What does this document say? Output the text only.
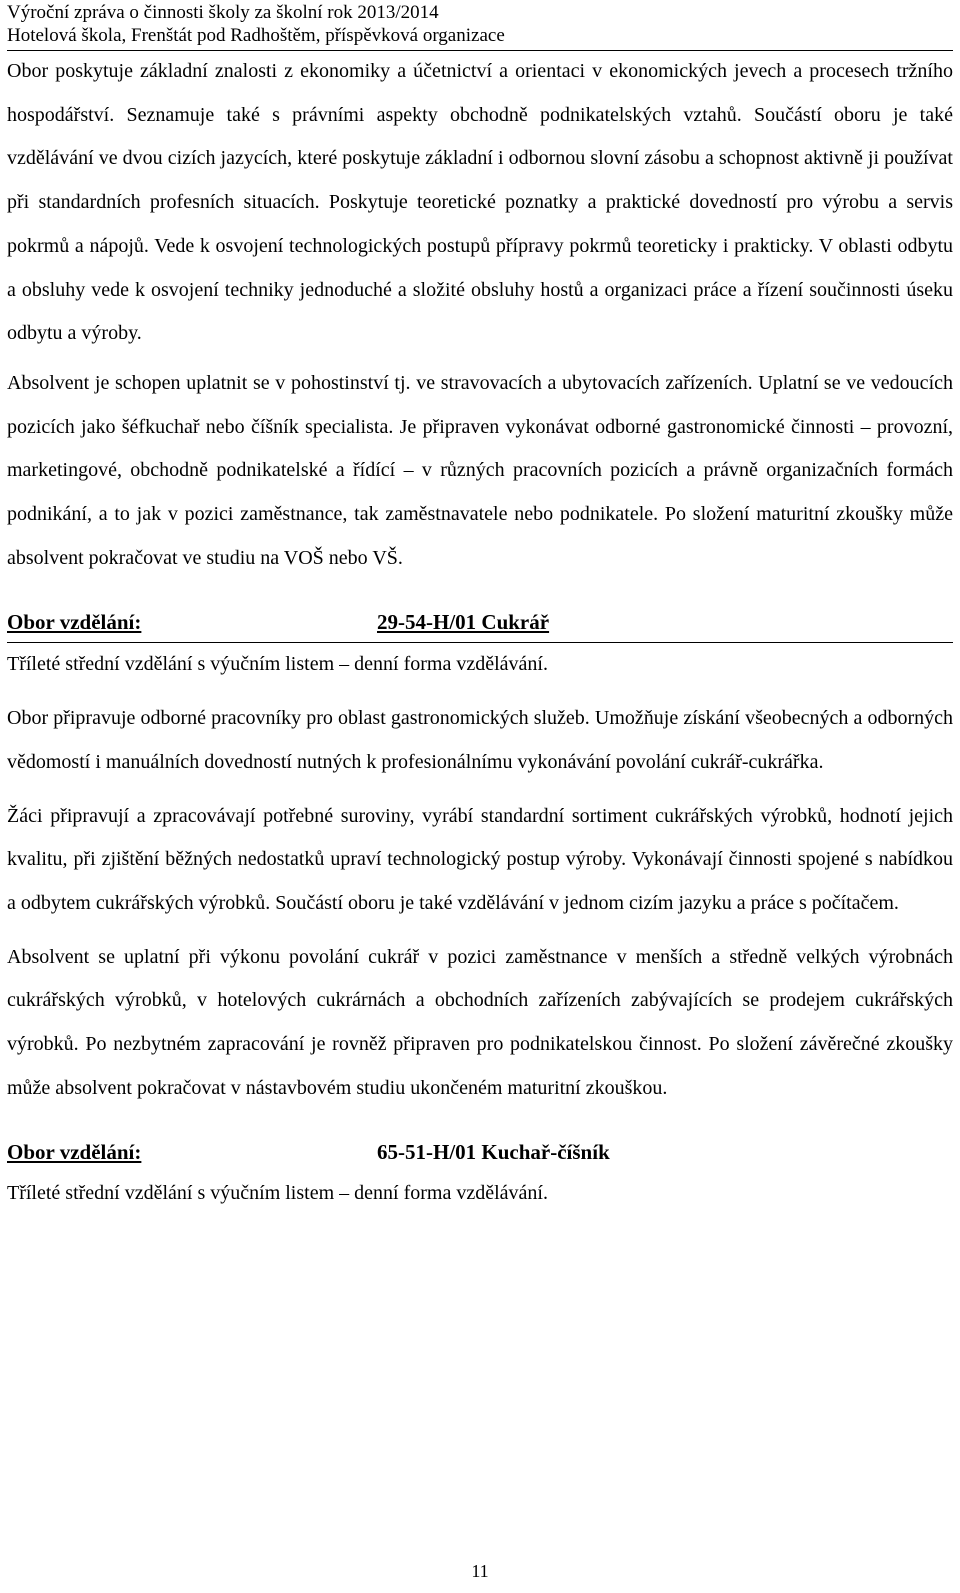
Výroční zpráva o činnosti školy za školní rok 2013/2014
Hotelová škola, Frenštát pod Radhoštěm, příspěvková organizace

Obor poskytuje základní znalosti z ekonomiky a účetnictví a orientaci v ekonomických jevech a procesech tržního hospodářství. Seznamuje také s právními aspekty obchodně podnikatelských vztahů. Součástí oboru je také vzdělávání ve dvou cizích jazycích, které poskytuje základní i odbornou slovní zásobu a schopnost aktivně ji používat při standardních profesních situacích. Poskytuje teoretické poznatky a praktické dovedností pro výrobu a servis pokrmů a nápojů. Vede k osvojení technologických postupů přípravy pokrmů teoreticky i prakticky. V oblasti odbytu a obsluhy vede k osvojení techniky jednoduché a složité obsluhy hostů a organizaci práce a řízení součinnosti úseku odbytu a výroby.

Absolvent je schopen uplatnit se v pohostinství tj. ve stravovacích a ubytovacích zařízeních. Uplatní se ve vedoucích pozicích jako šéfkuchař nebo číšník specialista. Je připraven vykonávat odborné gastronomické činnosti – provozní, marketingové, obchodně podnikatelské a řídící – v různých pracovních pozicích a právně organizačních formách podnikání, a to jak v pozici zaměstnance, tak zaměstnavatele nebo podnikatele. Po složení maturitní zkoušky může absolvent pokračovat ve studiu na VOŠ nebo VŠ.

Obor vzdělání:	29-54-H/01 Cukrář

Tříleté střední vzdělání s výučním listem – denní forma vzdělávání.

Obor připravuje odborné pracovníky pro oblast gastronomických služeb. Umožňuje získání všeobecných a odborných vědomostí i manuálních dovedností nutných k profesionálnímu vykonávání povolání cukrář-cukrářka.

Žáci připravují a zpracovávají potřebné suroviny, vyrábí standardní sortiment cukrářských výrobků, hodnotí jejich kvalitu, při zjištění běžných nedostatků upraví technologický postup výroby. Vykonávají činnosti spojené s nabídkou a odbytem cukrářských výrobků. Součástí oboru je také vzdělávání v jednom cizím jazyku a práce s počítačem.

Absolvent se uplatní při výkonu povolání cukrář v pozici zaměstnance v menších a středně velkých výrobnách cukrářských výrobků, v hotelových cukrárnách a obchodních zařízeních zabývajících se prodejem cukrářských výrobků. Po nezbytném zapracování je rovněž připraven pro podnikatelskou činnost. Po složení závěrečné zkoušky může absolvent pokračovat v nástavbovém studiu ukončeném maturitní zkouškou.

Obor vzdělání:	65-51-H/01 Kuchař-číšník

Tříleté střední vzdělání s výučním listem – denní forma vzdělávání.

11
